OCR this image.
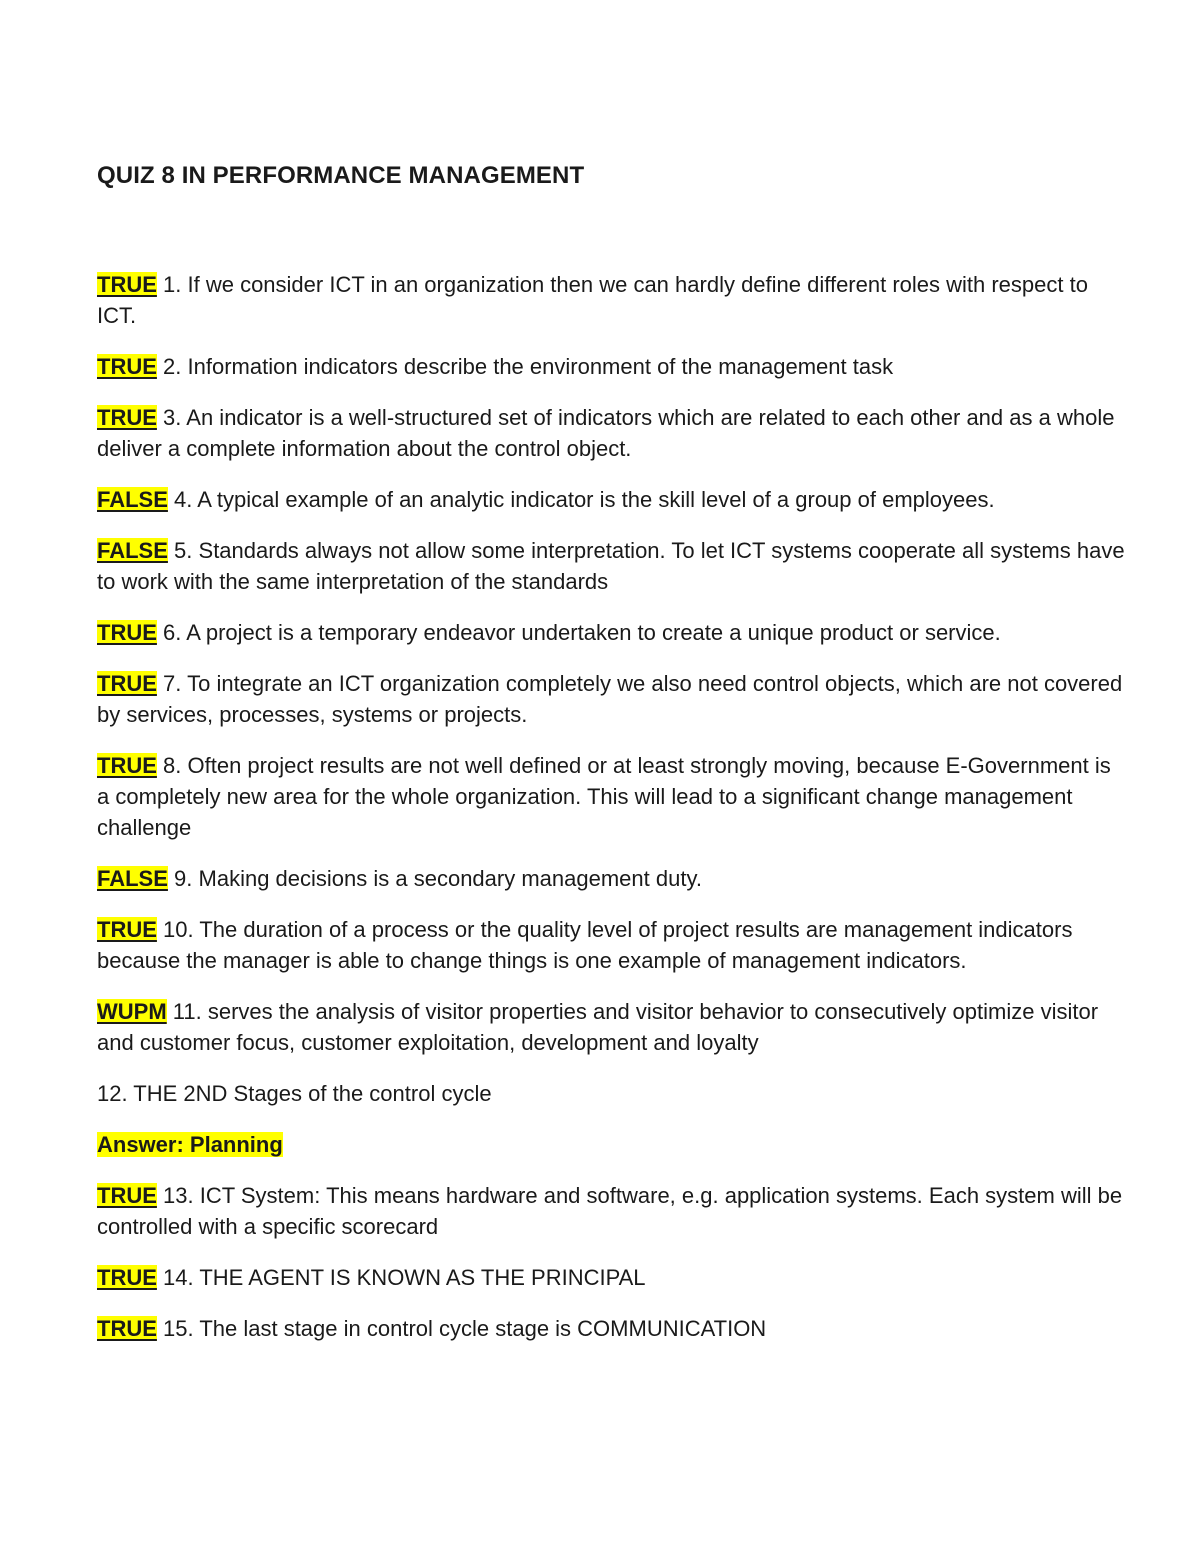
QUIZ 8 IN PERFORMANCE MANAGEMENT
TRUE 1. If we consider ICT in an organization then we can hardly define different roles with respect to ICT.
TRUE 2. Information indicators describe the environment of the management task
TRUE 3. An indicator is a well-structured set of indicators which are related to each other and as a whole deliver a complete information about the control object.
FALSE 4. A typical example of an analytic indicator is the skill level of a group of employees.
FALSE 5. Standards always not allow some interpretation. To let ICT systems cooperate all systems have to work with the same interpretation of the standards
TRUE 6. A project is a temporary endeavor undertaken to create a unique product or service.
TRUE 7. To integrate an ICT organization completely we also need control objects, which are not covered by services, processes, systems or projects.
TRUE 8. Often project results are not well defined or at least strongly moving, because E-Government is a completely new area for the whole organization. This will lead to a significant change management challenge
FALSE 9. Making decisions is a secondary management duty.
TRUE 10. The duration of a process or the quality level of project results are management indicators because the manager is able to change things is one example of management indicators.
WUPM 11. serves the analysis of visitor properties and visitor behavior to consecutively optimize visitor and customer focus, customer exploitation, development and loyalty
12. THE 2ND Stages of the control cycle
Answer: Planning
TRUE 13. ICT System: This means hardware and software, e.g. application systems. Each system will be controlled with a specific scorecard
TRUE 14. THE AGENT IS KNOWN AS THE PRINCIPAL
TRUE 15. The last stage in control cycle stage is COMMUNICATION
